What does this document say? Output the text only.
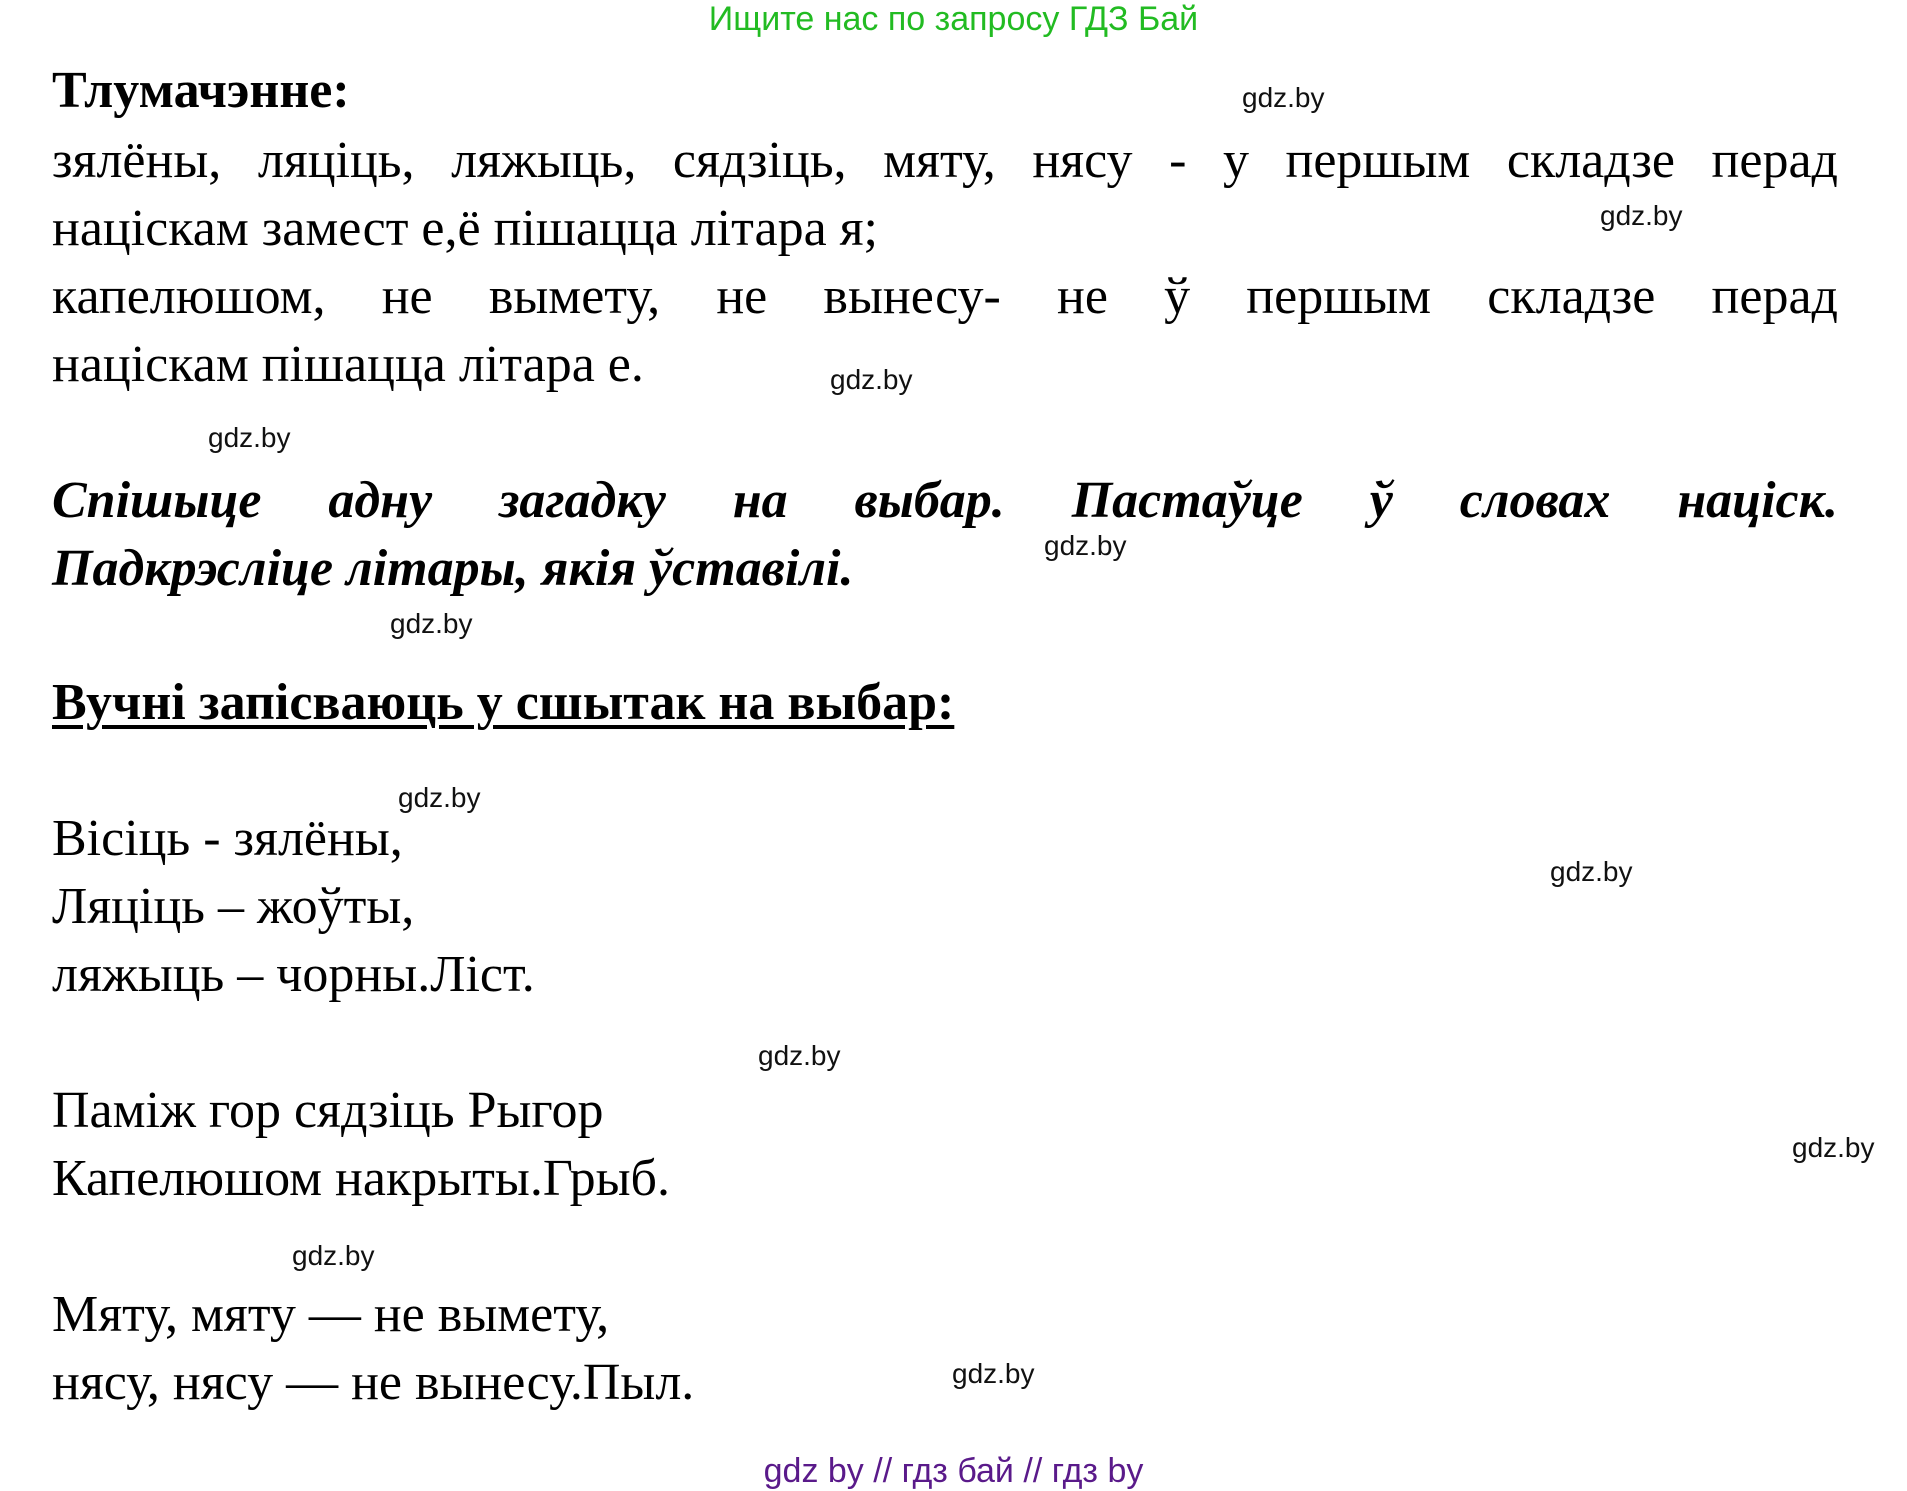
Ищите нас по запросу ГДЗ Бай
Тлумачэнне:
зялёны, ляціць, ляжыць, сядзіць, мяту, нясу - у першым складзе перад
націскам замест е,ё пішацца літара я;
капелюшом, не вымету, не вынесу- не ў першым складзе перад
націскам пішацца літара е.
Спішыце адну загадку на выбар. Пастаўце ў словах націск.
Падкрэсліце літары, якія ўставілі.
Вучні запісваюць у сшытак на выбар:
Вісіць - зялёны,
Ляціць – жоўты,
ляжыць – чорны.Ліст.
Паміж гор сядзіць Рыгор
Капелюшом накрыты.Грыб.
Мяту, мяту — не вымету,
нясу, нясу — не вынесу.Пыл.
gdz.by
gdz.by
gdz.by
gdz.by
gdz.by
gdz.by
gdz.by
gdz.by
gdz.by
gdz.by
gdz.by
gdz.by
gdz by // гдз бай // гдз by
